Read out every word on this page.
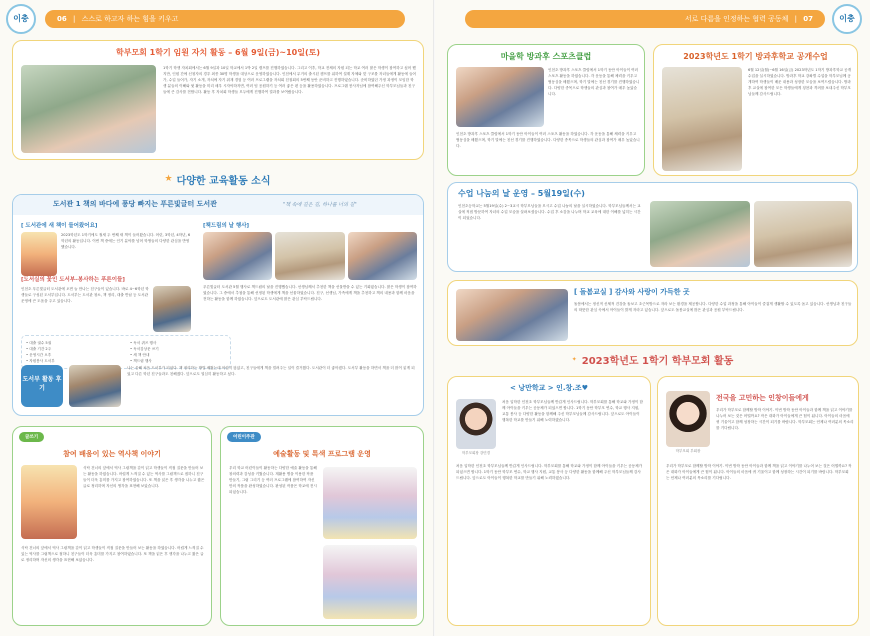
이충	06 | 스스로 하고자 하는 힘을 키우고
학부모회 1학기 임원 자치 활동 – 6월 9일(금)~10일(토)
1학기 학생 자치회에서는 6월 9일과 10일 학교에서 1박 2일 캠프를 진행하였습니다. 그리고 이후, 학교 전체의 자원 되는 학교 여러 많은 학생이 참여하고 싶어 했지만, 인원 간에 신청자의 경우 최종 30명 학생을 대상으로 운영하였습니다. 인천에서 무거의 출시된 캠프를 위하여 설계 자체와 맞 구조를 자녀들에게 활동에 들어가, 수업 들어가, 자기 소개, 자치에 자기 취재 경험 등 여러 프로그램을 자치회 친절회의 5번째 동안 준비하고 진행하였습니다. 준비하였던 가정 과정이 모임한 학생 분들의 이해와 뒷 활동을 미리 매우 시자야하자면, 여러 팀 응원하기 등 여러 좋은 편 등을 활용하였습니다. 프로그램 봉사자님에 참여해주신 학부모님들과 친구들에 큰 감사를 전합니다. 활동 후 자치회 학생들 모두에게 진행하여 결과를 보여줬습니다.
★ 다양한 교육활동 소식
도서관 1 책의 바다에 퐁당 빠지는 푸른빛글터 도서관	"책 속에 길은 길, 하나를 너의 길"
[ 도서관에 새 책이 들어왔어요]
2023학년도 1학기에도 철새 두 번째 새 책이 들어왔습니다. 어린, 3학년, 4학년, 6학년의 활동입니다. 이번 책 중에는 인기 분야를 넘어 학생들의 다양한 관심을 반영했습니다.
[도서실의 꽃인 도서부–봉사하는 푸른이들]
인천초 푸른빛글터 도서관에 오면 늘 만나는 친구들이 있습니다. 바로 4~6학년 학생들로 구성된 도서부입니다. 도서부는 도서관 청소, 책 정리, 대출 반납 등 도서관 운영에 큰 도움을 주고 있습니다.
• 대출 권수 5권
• 대출 기간 2주
• 운영시간 오후
• 자원봉사 도서부
• 독서 퀴즈 행사
• 독서감상문 쓰기
• 새 책 안내
• 책드림 행사
[책드림의 날 행사]
푸른빛글터 도서관 5월 행사로 책드림의 날을 진행했습니다. 선생님께서 추천한 책을 선물받을 수 있는 기회였습니다. 많은 학생이 참여하였습니다. 그 중에서 추첨을 통해 선정된 학생에게 책을 선물하였습니다. 친구, 선생님, 가족에게 책을 추천하고 책의 내용과 함께 마음을 전하는 활동을 함께 하였습니다. 앞으로도 도서관에 많은 관심 부탁드립니다.
도서부 활동 후기
나는 올해 처음 도서부가 되었다. 책 정리하는 방법 배웠는데 어렵지 않았고, 친구들에게 책을 빌려주는 일이 즐거웠다. 도서관이 더 좋아졌다. 도서부 활동을 하면서 책을 더 많이 읽게 되었고 다른 학년 친구들과도 친해졌다. 앞으로도 열심히 활동하고 싶다.
글쓰기
참여 배움이 있는 역사책 이야기
식탁 건너의 앞에서 역사 그림책을 같이 읽고 학생들이 직접 질문을 만들어 보는 활동을 하였습니다. 어렵게 느껴질 수 있는 역사를 그림책으로 접하니 친구들이 더욱 흥미를 가지고 참여하였습니다. 또 책을 읽은 후 생각을 나누고 짧은 글로 정리하며 자신의 생각을 표현해 보았습니다.
식탁 건너의 앞에서 역사 그림책을 같이 읽고 학생들이 직접 질문을 만들어 보는 활동을 하였습니다. 어렵게 느껴질 수 있는 역사를 그림책으로 접하니 친구들이 더욱 흥미를 가지고 참여하였습니다. 또 책을 읽은 후 생각을 나누고 짧은 글로 정리하며 자신의 생각을 표현해 보았습니다.
어린이주관
예술활동 및 특색 프로그램 운영
우리 학교 어린이들이 활동하는 다양한 예술 활동을 통해 창의력과 감성을 키웠습니다. 재활용 병을 이용한 작품 만들기, 그림 그리기 등 여러 프로그램에 참여하여 자신만의 작품을 완성하였습니다. 완성된 작품은 학교에 전시되었습니다.
서로 다름을 인정하는 협력 공동체 | 07	이충
마을학 방과후 스포츠클럽
인천초 방과후 스포츠 클럽에서 1학기 동안 아이들이 여러 스포츠 활동을 하였습니다. 각 운동을 통해 체력을 키우고 협동심을 배웠으며, 학기 말에는 친선 경기를 진행하였습니다. 다양한 종목으로 학생들의 관심과 참여가 매우 높았습니다.
인천초 방과후 스포츠 클럽에서 1학기 동안 아이들이 여러 스포츠 활동을 하였습니다. 각 운동을 통해 체력을 키우고 협동심을 배웠으며, 학기 말에는 친선 경기를 진행하였습니다. 다양한 종목으로 학생들의 관심과 참여가 매우 높았습니다.
2023학년도 1학기 방과후학교 공개수업
6월 12일(월)~6월 16일(금) 2023학년도 1학기 방과후학교 공개수업을 실시하였습니다. 방과후 학교 강좌별 수업을 학부모님께 공개하여 학생들이 배운 내용과 성장한 모습을 보여드렸습니다. 방과후 교실에 참여한 모든 학생들에게 칭찬과 격려를 보내주신 학부모님들께 감사드립니다.
수업 나눔의 날 운영 – 5월19일(수)
인천초등학교는 5월19일(수) 2~3교시 학부모님들을 모시고 수업 나눔의 날을 실시하였습니다. 학부모님들께서는 교실에 직접 방문하여 자녀의 수업 모습을 살펴보셨습니다. 수업 후 소감을 나누며 학교 교육에 대한 이해를 넓히는 시간이 되었습니다.
[ 돌봄교실 ] 감사와 사랑이 가득한 곳
돌봄에서는 정신적 신체적 건강을 돌보고 초근목방으로 자라 보는 환경을 제공합니다. 다양한 수업 과정을 통해 아이들이 즐겁게 생활할 수 있도록 돕고 있습니다. 선생님과 친구들의 따뜻한 관심 속에서 아이들이 밝게 자라고 있습니다. 앞으로도 돌봄교실에 많은 관심과 응원 부탁드립니다.
✦ 2023학년도 1학기 학부모회 활동
< 낭만학교 > 인.창.조♥
학부모회장 강민경
처음 입학한 인천초 학부모님들께 반갑게 인사드립니다. 학부모회를 통해 학교와 가정이 함께 아이들을 키우는 공동체가 되었으면 합니다. 1학기 동안 학부모 연수, 학교 행사 지원, 교통 봉사 등 다양한 활동을 함께해 주신 학부모님들께 감사드립니다. 앞으로도 아이들이 행복한 학교를 만들기 위해 노력하겠습니다.
처음 입학한 인천초 학부모님들께 반갑게 인사드립니다. 학부모회를 통해 학교와 가정이 함께 아이들을 키우는 공동체가 되었으면 합니다. 1학기 동안 학부모 연수, 학교 행사 지원, 교통 봉사 등 다양한 활동을 함께해 주신 학부모님들께 감사드립니다. 앞으로도 아이들이 행복한 학교를 만들기 위해 노력하겠습니다.
전국을 고민하는 인창이들에게
학부모회 부회장
우리가 학부모로 함께할 방학 이야기. 이번 방학 동안 아이들과 함께 책을 읽고 이야기를 나누어 보는 것은 어떨까요? 작은 대화가 아이들에게 큰 힘이 됩니다. 아이들의 마음에 귀 기울이고 함께 성장하는 시간이 되기를 바랍니다. 학부모회는 언제나 여러분의 목소리를 기다립니다.
우리가 학부모로 함께할 방학 이야기. 이번 방학 동안 아이들과 함께 책을 읽고 이야기를 나누어 보는 것은 어떨까요? 작은 대화가 아이들에게 큰 힘이 됩니다. 아이들의 마음에 귀 기울이고 함께 성장하는 시간이 되기를 바랍니다. 학부모회는 언제나 여러분의 목소리를 기다립니다.
